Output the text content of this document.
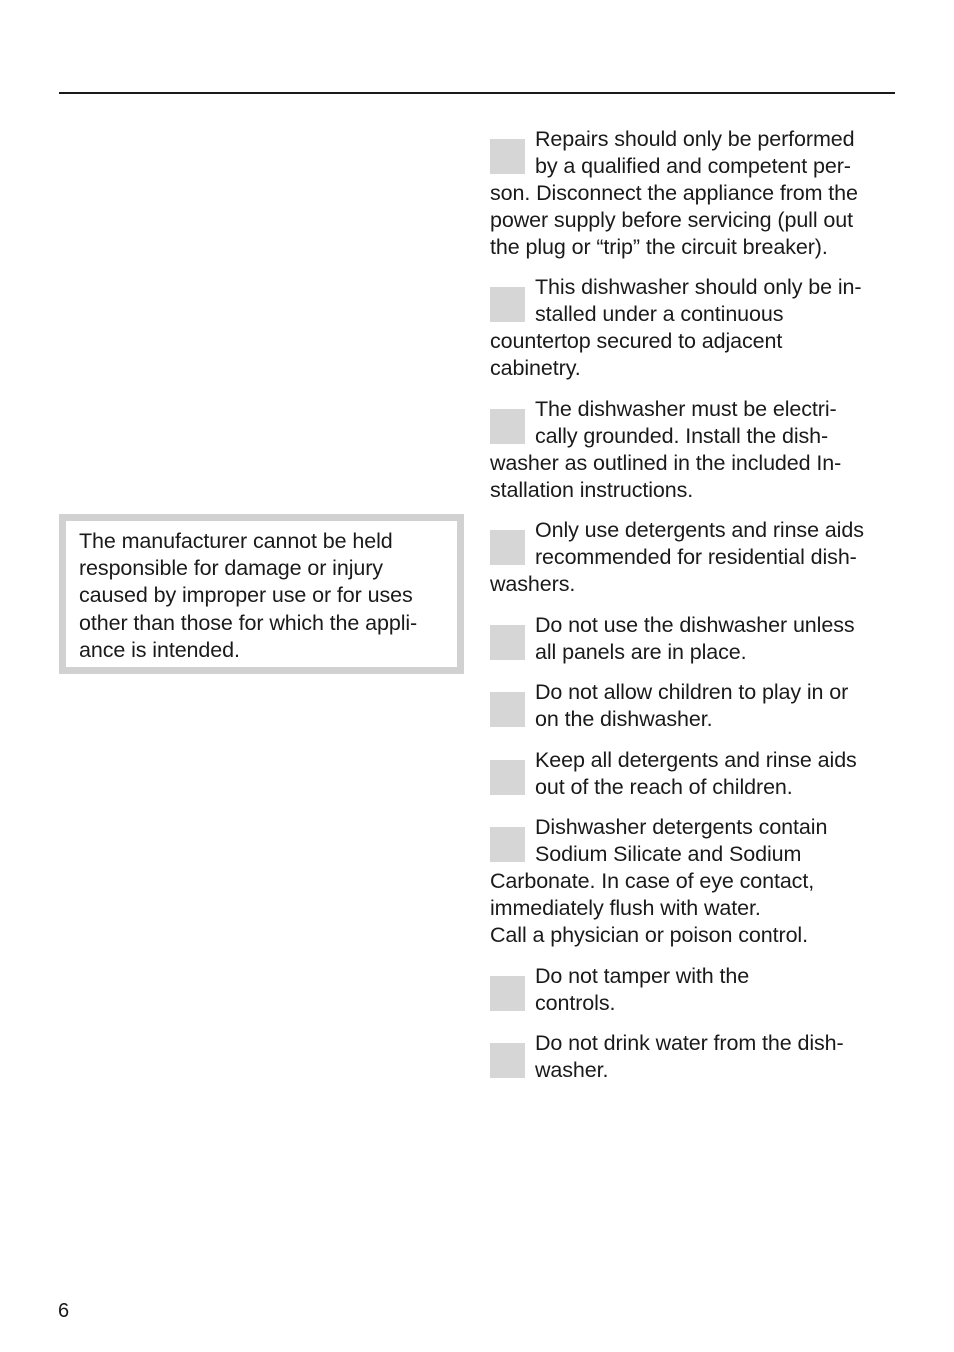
The manufacturer cannot be held

responsible for damage or injury

caused by improper use or for uses

other than those for which the appli-

ance is intended.

Repairs should only be performed

by a qualified and competent per-

son. Disconnect the appliance from the

power supply before servicing (pull out

the plug or “trip” the circuit breaker).

This dishwasher should only be in-

stalled under a continuous

countertop secured to adjacent

cabinetry.

The dishwasher must be electri-

cally grounded. Install the dish-

washer as outlined in the included In-

stallation instructions.

Only use detergents and rinse aids

recommended for residential dish-

washers.

Do not use the dishwasher unless

all panels are in place.

Do not allow children to play in or

on the dishwasher.

Keep all detergents and rinse aids

out of the reach of children.

Dishwasher detergents contain

Sodium Silicate and Sodium

Carbonate. In case of eye contact,

immediately flush with water.

Call a physician or poison control.

Do not tamper with the

controls.

Do not drink water from the dish-

washer.

6
